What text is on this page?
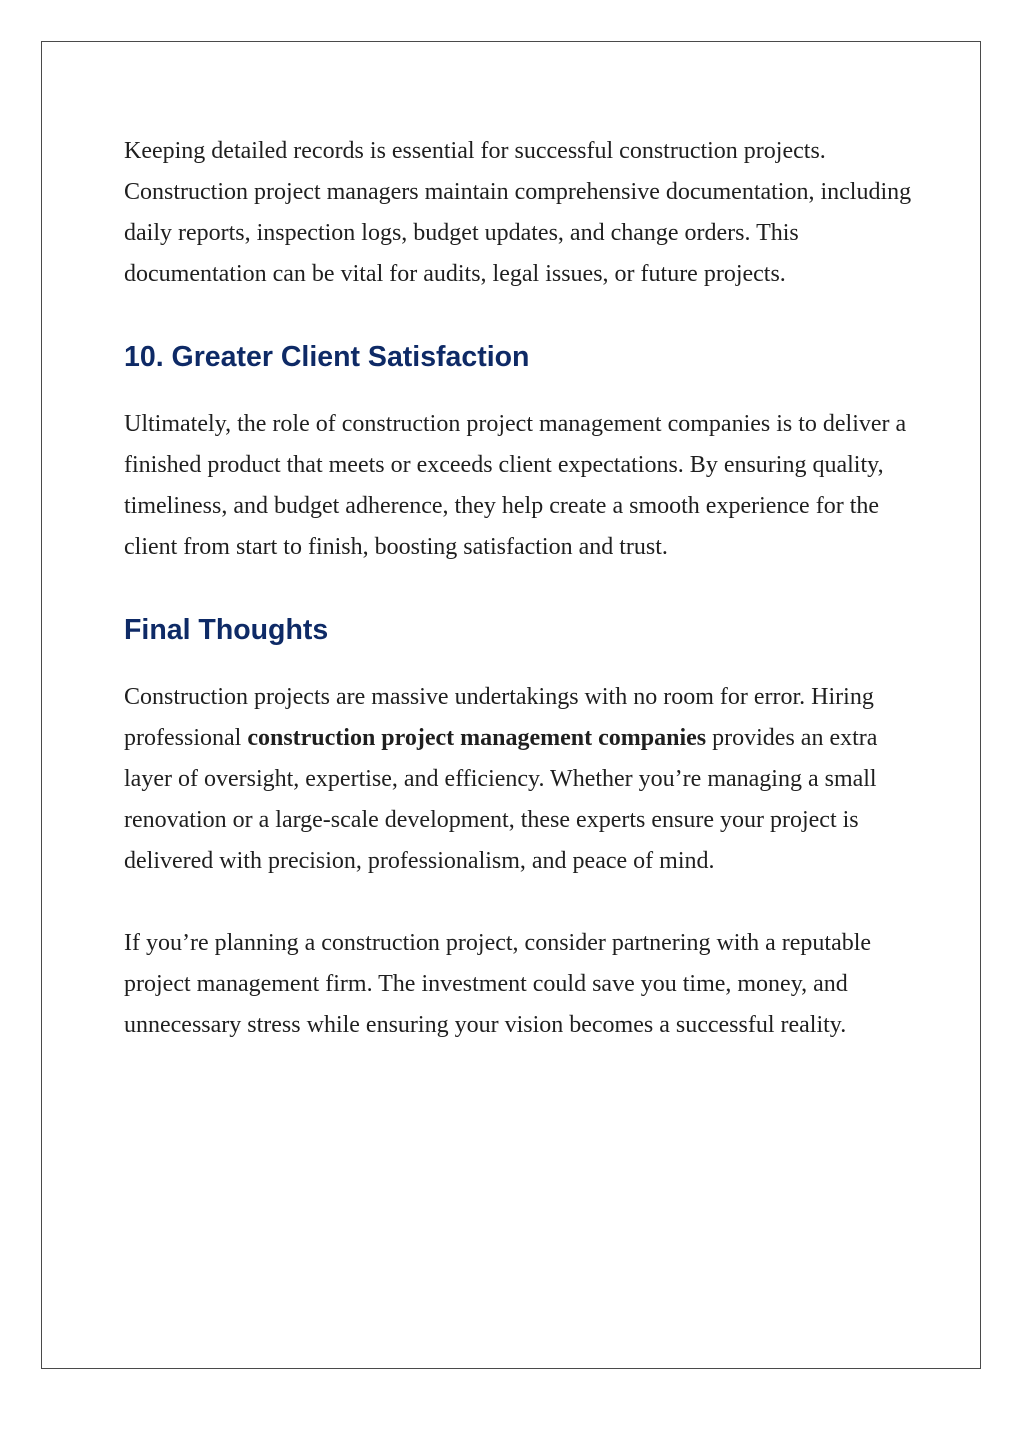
Keeping detailed records is essential for successful construction projects. Construction project managers maintain comprehensive documentation, including daily reports, inspection logs, budget updates, and change orders. This documentation can be vital for audits, legal issues, or future projects.

10. Greater Client Satisfaction

Ultimately, the role of construction project management companies is to deliver a finished product that meets or exceeds client expectations. By ensuring quality, timeliness, and budget adherence, they help create a smooth experience for the client from start to finish, boosting satisfaction and trust.

Final Thoughts

Construction projects are massive undertakings with no room for error. Hiring professional construction project management companies provides an extra layer of oversight, expertise, and efficiency. Whether you’re managing a small renovation or a large-scale development, these experts ensure your project is delivered with precision, professionalism, and peace of mind.

If you’re planning a construction project, consider partnering with a reputable project management firm. The investment could save you time, money, and unnecessary stress while ensuring your vision becomes a successful reality.
